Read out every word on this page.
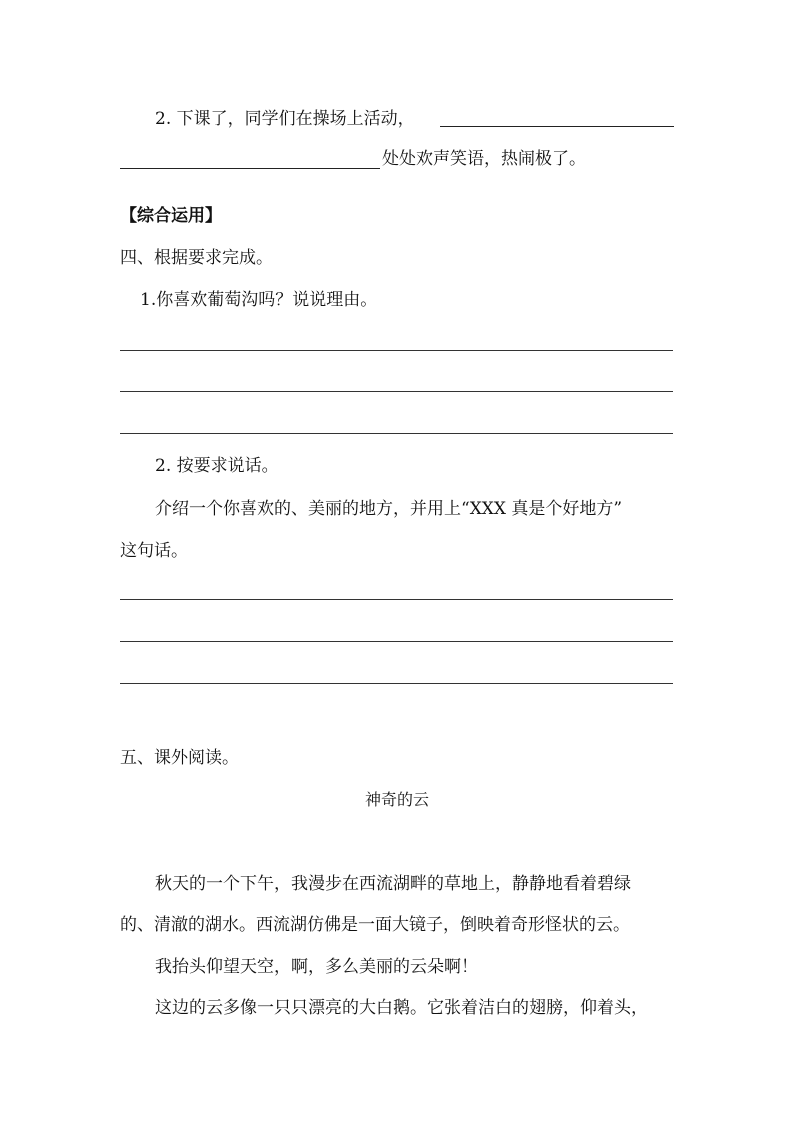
2. 下课了，同学们在操场上活动，
处处欢声笑语，热闹极了。
【综合运用】
四、根据要求完成。
1.你喜欢葡萄沟吗？说说理由。
2. 按要求说话。
介绍一个你喜欢的、美丽的地方，并用上“XXX 真是个好地方”
这句话。
五、课外阅读。
神奇的云
秋天的一个下午，我漫步在西流湖畔的草地上，静静地看着碧绿
的、清澈的湖水。西流湖仿佛是一面大镜子，倒映着奇形怪状的云。
我抬头仰望天空，啊，多么美丽的云朵啊！
这边的云多像一只只漂亮的大白鹅。它张着洁白的翅膀，仰着头，
